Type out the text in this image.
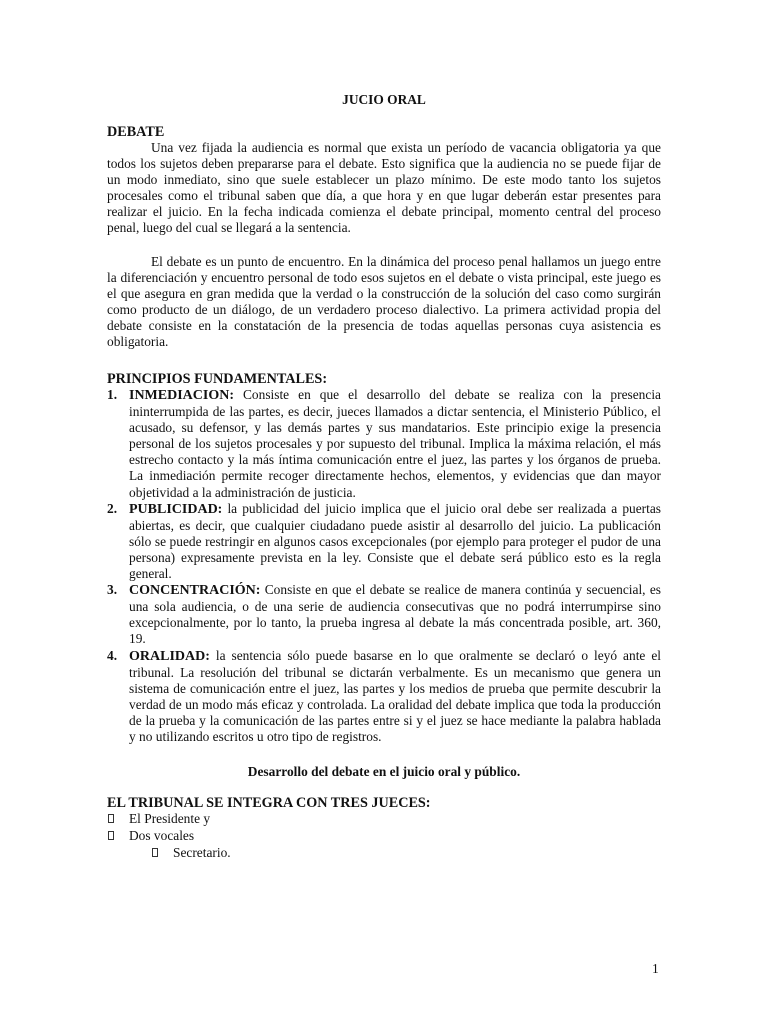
JUCIO ORAL
DEBATE

Una vez fijada la audiencia es normal que exista un período de vacancia obligatoria ya que todos los sujetos deben prepararse para el debate. Esto significa que la audiencia no se puede fijar de un modo inmediato, sino que suele establecer un plazo mínimo. De este modo tanto los sujetos procesales como el tribunal saben que día, a que hora y en que lugar deberán estar presentes para realizar el juicio. En la fecha indicada comienza el debate principal, momento central del proceso penal, luego del cual se llegará a la sentencia.

El debate es un punto de encuentro. En la dinámica del proceso penal hallamos un juego entre la diferenciación y encuentro personal de todo esos sujetos en el debate o vista principal, este juego es el que asegura en gran medida que la verdad o la construcción de la solución del caso como surgirán como producto de un diálogo, de un verdadero proceso dialectivo. La primera actividad propia del debate consiste en la constatación de la presencia de todas aquellas personas cuya asistencia es obligatoria.

PRINCIPIOS FUNDAMENTALES:
1. INMEDIACION: Consiste en que el desarrollo del debate se realiza con la presencia ininterrumpida de las partes, es decir, jueces llamados a dictar sentencia, el Ministerio Público, el acusado, su defensor, y las demás partes y sus mandatarios. Este principio exige la presencia personal de los sujetos procesales y por supuesto del tribunal. Implica la máxima relación, el más estrecho contacto y la más íntima comunicación entre el juez, las partes y los órganos de prueba. La inmediación permite recoger directamente hechos, elementos, y evidencias que dan mayor objetividad a la administración de justicia.
2. PUBLICIDAD: la publicidad del juicio implica que el juicio oral debe ser realizada a puertas abiertas, es decir, que cualquier ciudadano puede asistir al desarrollo del juicio. La publicación sólo se puede restringir en algunos casos excepcionales (por ejemplo para proteger el pudor de una persona) expresamente prevista en la ley. Consiste que el debate será público esto es la regla general.
3. CONCENTRACIÓN: Consiste en que el debate se realice de manera continúa y secuencial, es una sola audiencia, o de una serie de audiencia consecutivas que no podrá interrumpirse sino excepcionalmente, por lo tanto, la prueba ingresa al debate la más concentrada posible, art. 360, 19.
4. ORALIDAD: la sentencia sólo puede basarse en lo que oralmente se declaró o leyó ante el tribunal. La resolución del tribunal se dictarán verbalmente. Es un mecanismo que genera un sistema de comunicación entre el juez, las partes y los medios de prueba que permite descubrir la verdad de un modo más eficaz y controlada. La oralidad del debate implica que toda la producción de la prueba y la comunicación de las partes entre si y el juez se hace mediante la palabra hablada y no utilizando escritos u otro tipo de registros.
Desarrollo del debate en el juicio oral y público.
EL TRIBUNAL SE INTEGRA CON TRES JUECES:
El Presidente y
Dos vocales
Secretario.
1
